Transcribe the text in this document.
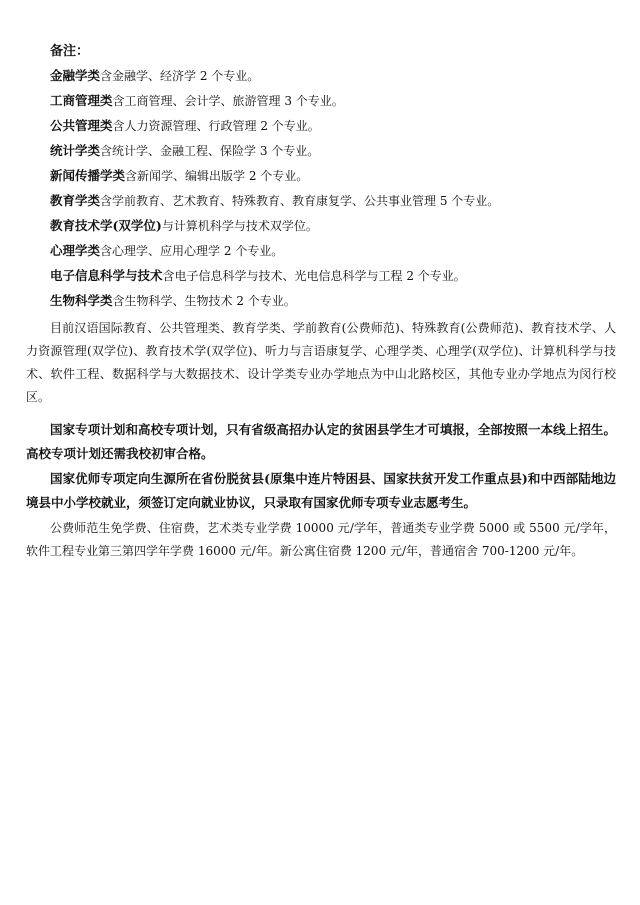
备注：
金融学类含金融学、经济学 2 个专业。
工商管理类含工商管理、会计学、旅游管理 3 个专业。
公共管理类含人力资源管理、行政管理 2 个专业。
统计学类含统计学、金融工程、保险学 3 个专业。
新闻传播学类含新闻学、编辑出版学 2 个专业。
教育学类含学前教育、艺术教育、特殊教育、教育康复学、公共事业管理 5 个专业。
教育技术学(双学位)与计算机科学与技术双学位。
心理学类含心理学、应用心理学 2 个专业。
电子信息科学与技术含电子信息科学与技术、光电信息科学与工程 2 个专业。
生物科学类含生物科学、生物技术 2 个专业。

目前汉语国际教育、公共管理类、教育学类、学前教育(公费师范)、特殊教育(公费师范)、教育技术学、人力资源管理(双学位)、教育技术学(双学位)、听力与言语康复学、心理学类、心理学(双学位)、计算机科学与技术、软件工程、数据科学与大数据技术、设计学类专业办学地点为中山北路校区，其他专业办学地点为闵行校区。

国家专项计划和高校专项计划，只有省级高招办认定的贫困县学生才可填报，全部按照一本线上招生。高校专项计划还需我校初审合格。

国家优师专项定向生源所在省份脱贫县(原集中连片特困县、国家扶贫开发工作重点县)和中西部陆地边境县中小学校就业，须签订定向就业协议，只录取有国家优师专项专业志愿考生。

公费师范生免学费、住宿费，艺术类专业学费 10000 元/学年，普通类专业学费 5000 或 5500 元/学年，软件工程专业第三第四学年学费 16000 元/年。新公寓住宿费 1200 元/年，普通宿舍 700-1200 元/年。
